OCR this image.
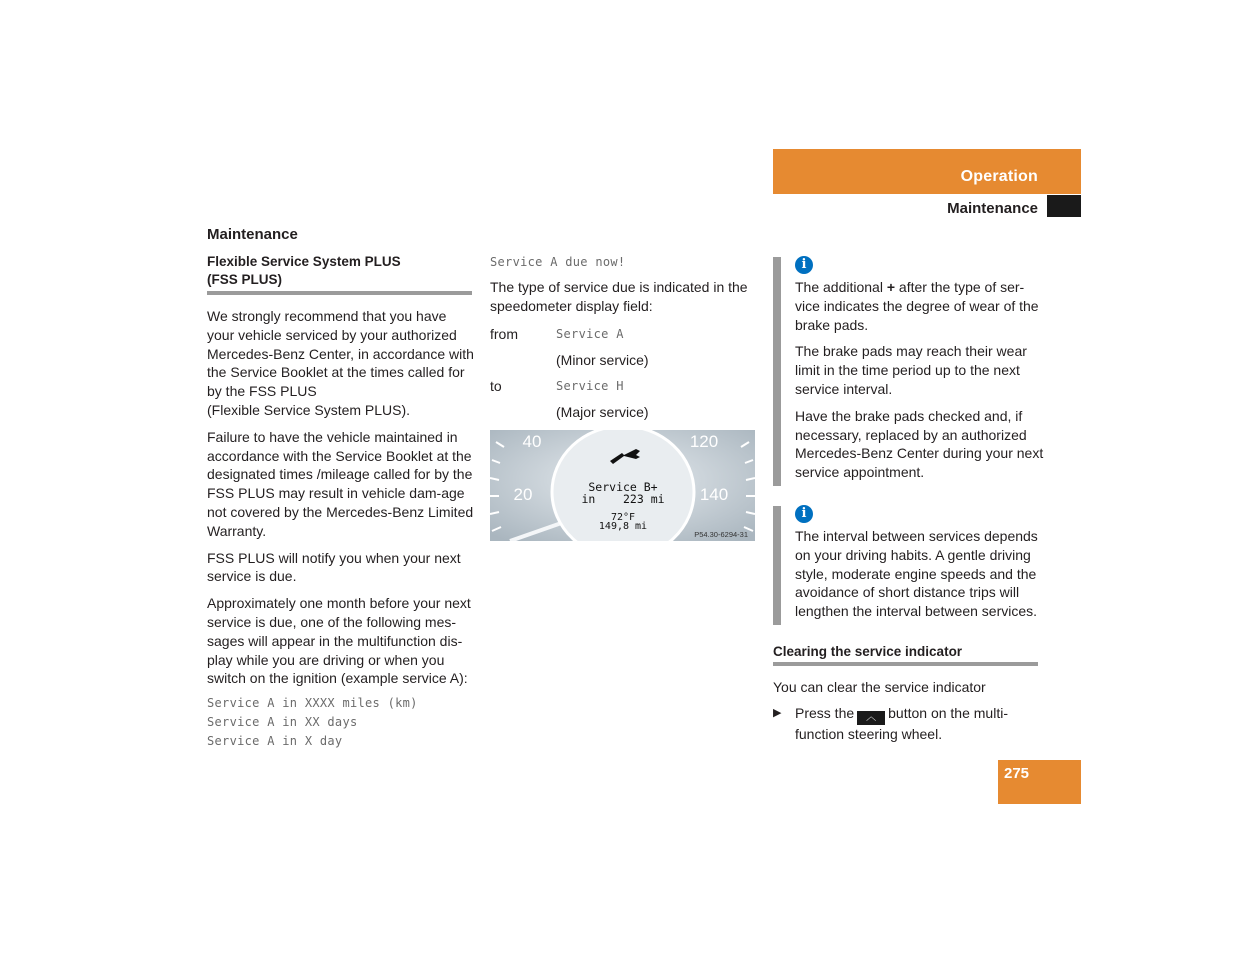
Operation
Maintenance
Maintenance
Flexible Service System PLUS
(FSS PLUS)

We strongly recommend that you have your vehicle serviced by your authorized Mercedes-Benz Center, in accordance with the Service Booklet at the times called for by the FSS PLUS

(Flexible Service System PLUS).

Failure to have the vehicle maintained in accordance with the Service Booklet at the designated times /mileage called for by the FSS PLUS may result in vehicle dam-age not covered by the Mercedes-Benz Limited Warranty.

FSS PLUS will notify you when your next service is due.

Approximately one month before your next service is due, one of the following mes-sages will appear in the multifunction dis-play while you are driving or when you switch on the ignition (example service A):

Service A in XXXX miles (km)
Service A in XX days
Service A in X day
Service A due now!

The type of service due is indicated in the speedometer display field:

from	Service A
	(Minor service)
to	Service H
	(Major service)
40
20
120
140
Service B+
in    223 mi
72°F
149,8 mi
P54.30-6294-31
i

The additional + after the type of ser-vice indicates the degree of wear of the brake pads.

The brake pads may reach their wear limit in the time period up to the next service interval.

Have the brake pads checked and, if necessary, replaced by an authorized Mercedes-Benz Center during your next service appointment.

i

The interval between services depends on your driving habits. A gentle driving style, moderate engine speeds and the avoidance of short distance trips will lengthen the interval between services.

Clearing the service indicator
You can clear the service indicator
▶ Press the ︿ button on the multi-function steering wheel.
275
